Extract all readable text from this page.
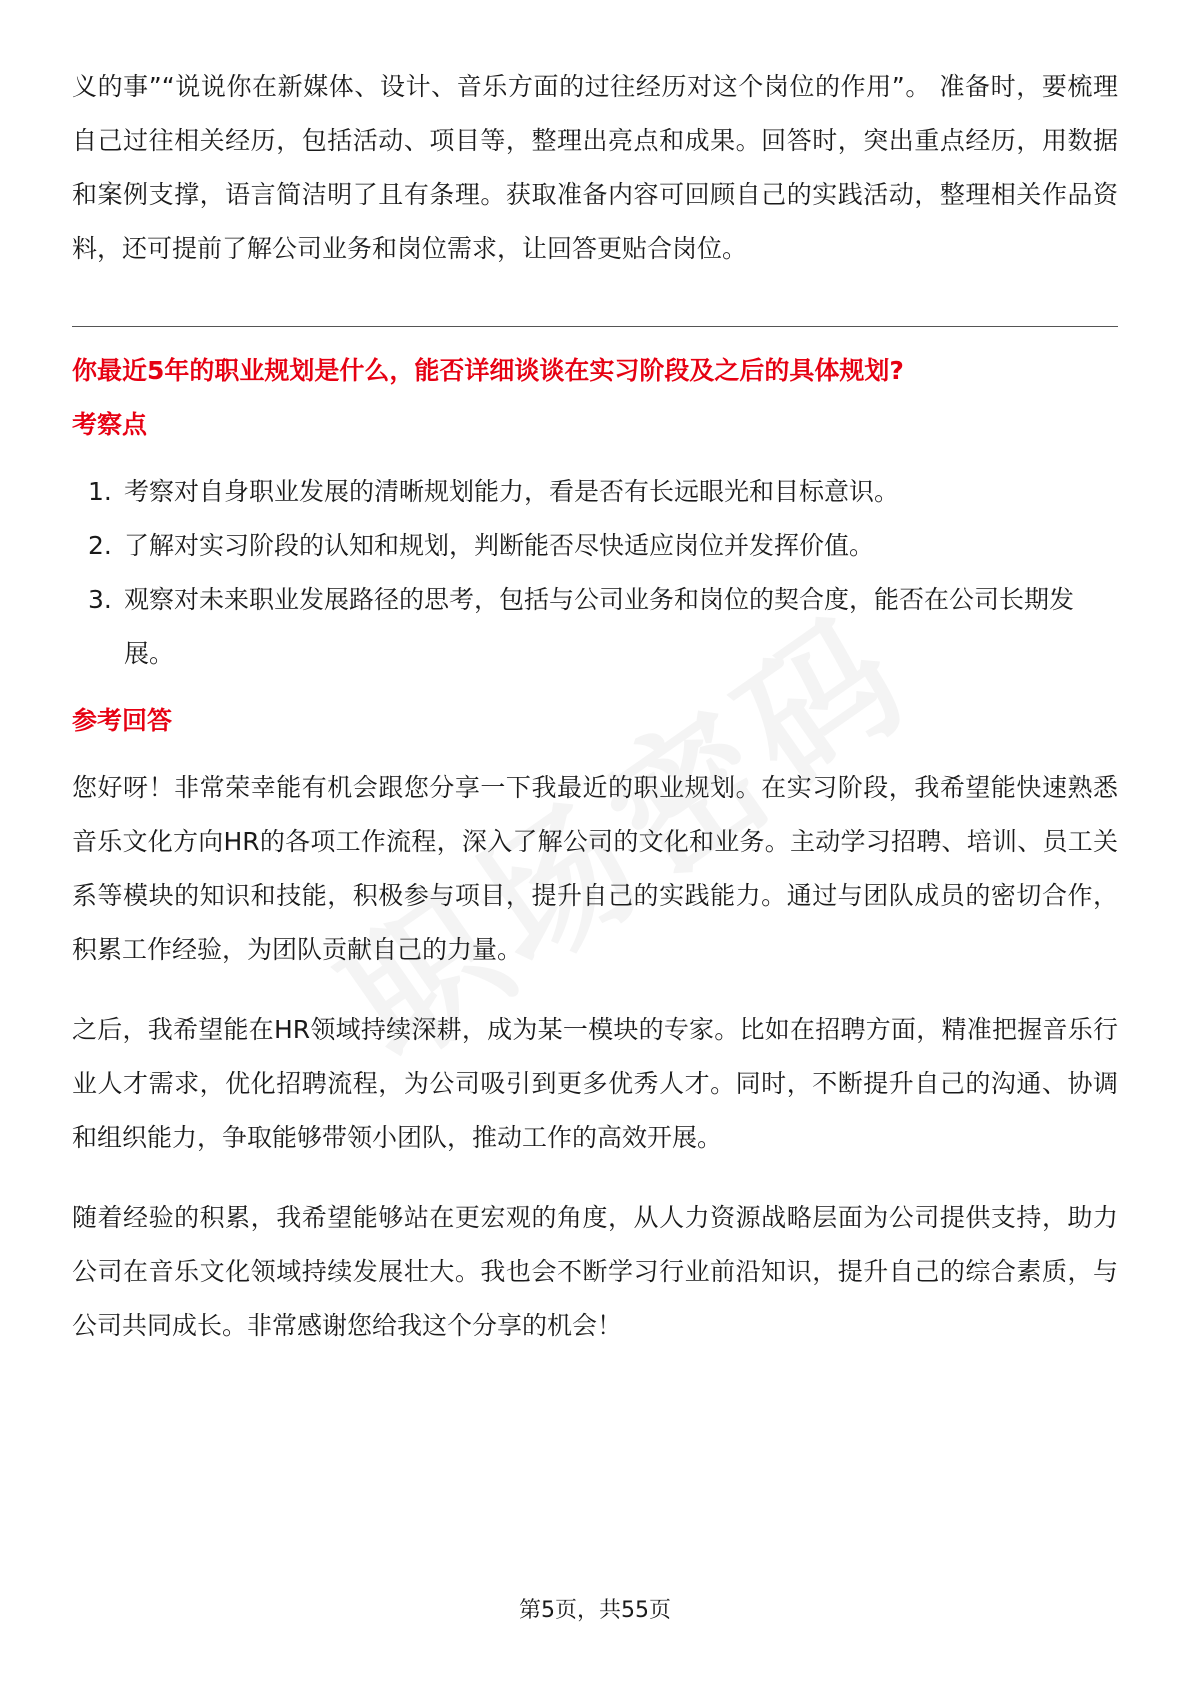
义的事”“说说你在新媒体、设计、音乐方面的过往经历对这个岗位的作用”。 准备时，要梳理自己过往相关经历，包括活动、项目等，整理出亮点和成果。回答时，突出重点经历，用数据和案例支撑，语言简洁明了且有条理。获取准备内容可回顾自己的实践活动，整理相关作品资料，还可提前了解公司业务和岗位需求，让回答更贴合岗位。

你最近5年的职业规划是什么，能否详细谈谈在实习阶段及之后的具体规划?
考察点
1. 考察对自身职业发展的清晰规划能力，看是否有长远眼光和目标意识。
2. 了解对实习阶段的认知和规划，判断能否尽快适应岗位并发挥价值。
3. 观察对未来职业发展路径的思考，包括与公司业务和岗位的契合度，能否在公司长期发展。
参考回答

您好呀！非常荣幸能有机会跟您分享一下我最近的职业规划。在实习阶段，我希望能快速熟悉音乐文化方向HR的各项工作流程，深入了解公司的文化和业务。主动学习招聘、培训、员工关系等模块的知识和技能，积极参与项目，提升自己的实践能力。通过与团队成员的密切合作，积累工作经验，为团队贡献自己的力量。

之后，我希望能在HR领域持续深耕，成为某一模块的专家。比如在招聘方面，精准把握音乐行业人才需求，优化招聘流程，为公司吸引到更多优秀人才。同时，不断提升自己的沟通、协调和组织能力，争取能够带领小团队，推动工作的高效开展。

随着经验的积累，我希望能够站在更宏观的角度，从人力资源战略层面为公司提供支持，助力公司在音乐文化领域持续发展壮大。我也会不断学习行业前沿知识，提升自己的综合素质，与公司共同成长。非常感谢您给我这个分享的机会！

第5页，共55页
